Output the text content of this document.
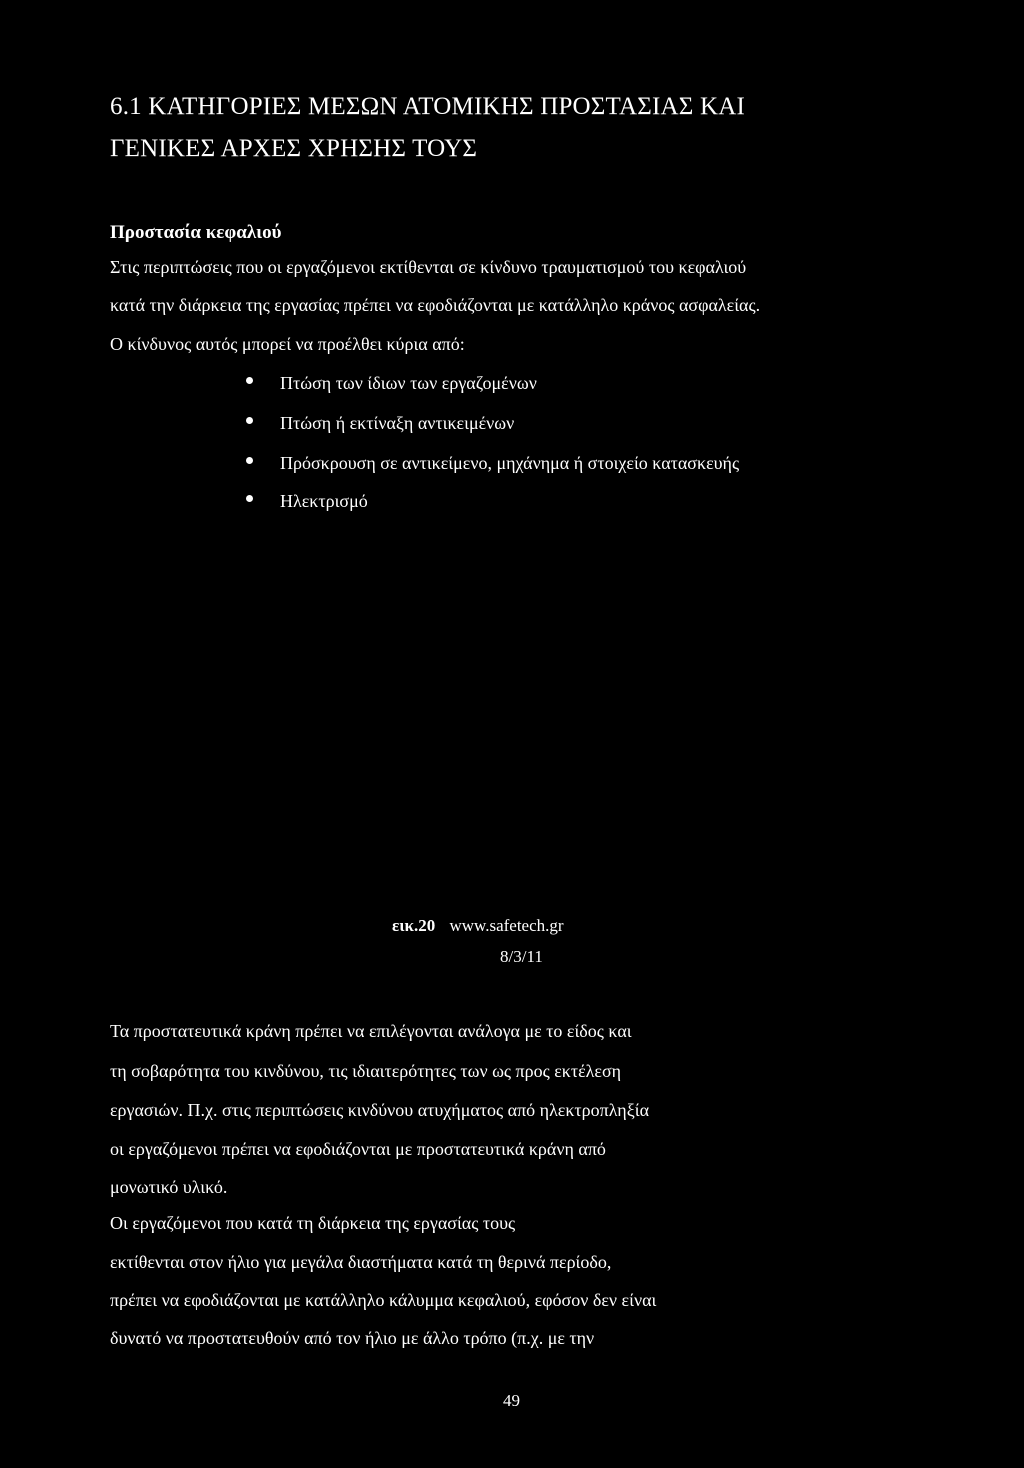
6.1 ΚΑΤΗΓΟΡΙΕΣ ΜΕΣΩΝ ΑΤΟΜΙΚΗΣ ΠΡΟΣΤΑΣΙΑΣ ΚΑΙ
ΓΕΝΙΚΕΣ ΑΡΧΕΣ ΧΡΗΣΗΣ ΤΟΥΣ
Προστασία κεφαλιού

Στις περιπτώσεις που οι εργαζόμενοι εκτίθενται σε κίνδυνο τραυματισμού του κεφαλιού

κατά την διάρκεια της εργασίας πρέπει να εφοδιάζονται με κατάλληλο κράνος ασφαλείας.

Ο κίνδυνος αυτός μπορεί να προέλθει κύρια από:

Πτώση των ίδιων των εργαζομένων
Πτώση ή εκτίναξη αντικειμένων
Πρόσκρουση σε αντικείμενο, μηχάνημα ή στοιχείο κατασκευής
Ηλεκτρισμό
εικ.20 www.safetech.gr
8/3/11

Τα προστατευτικά κράνη πρέπει να επιλέγονται ανάλογα με το είδος και

τη σοβαρότητα του κινδύνου, τις ιδιαιτερότητες των ως προς εκτέλεση

εργασιών. Π.χ. στις περιπτώσεις κινδύνου ατυχήματος από ηλεκτροπληξία

οι εργαζόμενοι πρέπει να εφοδιάζονται με προστατευτικά κράνη από

μονωτικό υλικό.

Οι εργαζόμενοι που κατά τη διάρκεια της εργασίας τους

εκτίθενται στον ήλιο για μεγάλα διαστήματα κατά τη θερινά περίοδο,

πρέπει να εφοδιάζονται με κατάλληλο κάλυμμα κεφαλιού, εφόσον δεν είναι

δυνατό να προστατευθούν από τον ήλιο με άλλο τρόπο (π.χ. με την

49
